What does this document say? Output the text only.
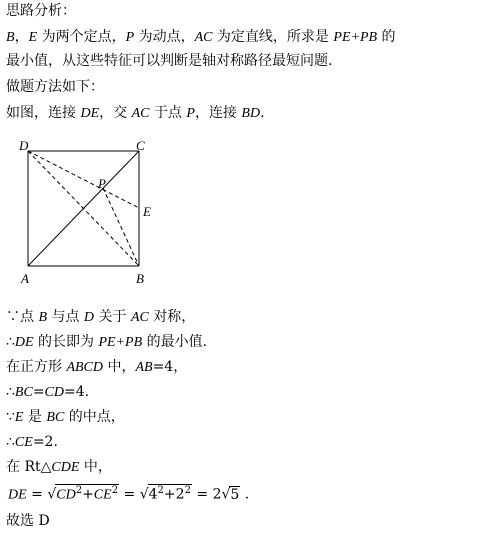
思路分析：
B，E 为两个定点，P 为动点，AC 为定直线，所求是 PE+PB 的
最小值，从这些特征可以判断是轴对称路径最短问题.
做题方法如下：
如图，连接 DE，交 AC 于点 P，连接 BD.
D	C
A	B
E
P
∵点 B 与点 D 关于 AC 对称，
∴DE 的长即为 PE+PB 的最小值.
在正方形 ABCD 中，AB=4，
∴BC=CD=4.
∵E 是 BC 的中点，
∴CE=2.
在 Rt△CDE 中，
DE = $√CD^2+CE^2 = √4^2+2^2 = 2√5$ .
故选 D
